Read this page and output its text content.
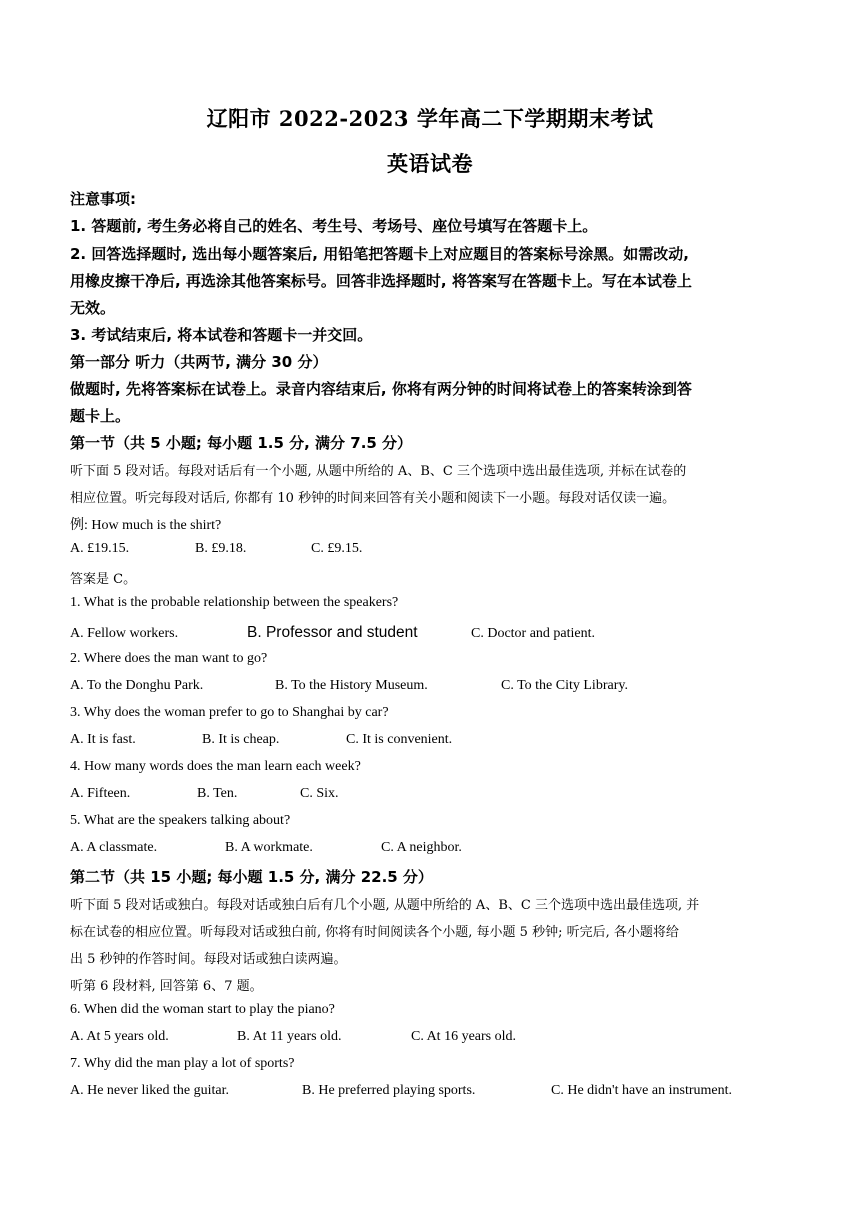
辽阳市 2022-2023 学年高二下学期期末考试
英语试卷
注意事项:
1. 答题前, 考生务必将自己的姓名、考生号、考场号、座位号填写在答题卡上。
2. 回答选择题时, 选出每小题答案后, 用铅笔把答题卡上对应题目的答案标号涂黑。如需改动,
用橡皮擦干净后, 再选涂其他答案标号。回答非选择题时, 将答案写在答题卡上。写在本试卷上
无效。
3. 考试结束后, 将本试卷和答题卡一并交回。
第一部分 听力（共两节, 满分 30 分）
做题时, 先将答案标在试卷上。录音内容结束后, 你将有两分钟的时间将试卷上的答案转涂到答
题卡上。
第一节（共 5 小题; 每小题 1.5 分, 满分 7.5 分）
听下面 5 段对话。每段对话后有一个小题, 从题中所给的 A、B、C 三个选项中选出最佳选项, 并标在试卷的
相应位置。听完每段对话后, 你都有 10 秒钟的时间来回答有关小题和阅读下一小题。每段对话仅读一遍。
例: How much is the shirt?
A. £19.15.	B. £9.18.	C. £9.15.
答案是 C。
1. What is the probable relationship between the speakers?
A. Fellow workers.	B. Professor and student	C. Doctor and patient.
2. Where does the man want to go?
A. To the Donghu Park.	B. To the History Museum.	C. To the City Library.
3. Why does the woman prefer to go to Shanghai by car?
A. It is fast.	B. It is cheap.	C. It is convenient.
4. How many words does the man learn each week?
A. Fifteen.	B. Ten.	C. Six.
5. What are the speakers talking about?
A. A classmate.	B. A workmate.	C. A neighbor.
第二节（共 15 小题; 每小题 1.5 分, 满分 22.5 分）
听下面 5 段对话或独白。每段对话或独白后有几个小题, 从题中所给的 A、B、C 三个选项中选出最佳选项, 并
标在试卷的相应位置。听每段对话或独白前, 你将有时间阅读各个小题, 每小题 5 秒钟; 听完后, 各小题将给
出 5 秒钟的作答时间。每段对话或独白读两遍。
听第 6 段材料, 回答第 6、7 题。
6. When did the woman start to play the piano?
A. At 5 years old.	B. At 11 years old.	C. At 16 years old.
7. Why did the man play a lot of sports?
A. He never liked the guitar.	B. He preferred playing sports.	C. He didn't have an instrument.
